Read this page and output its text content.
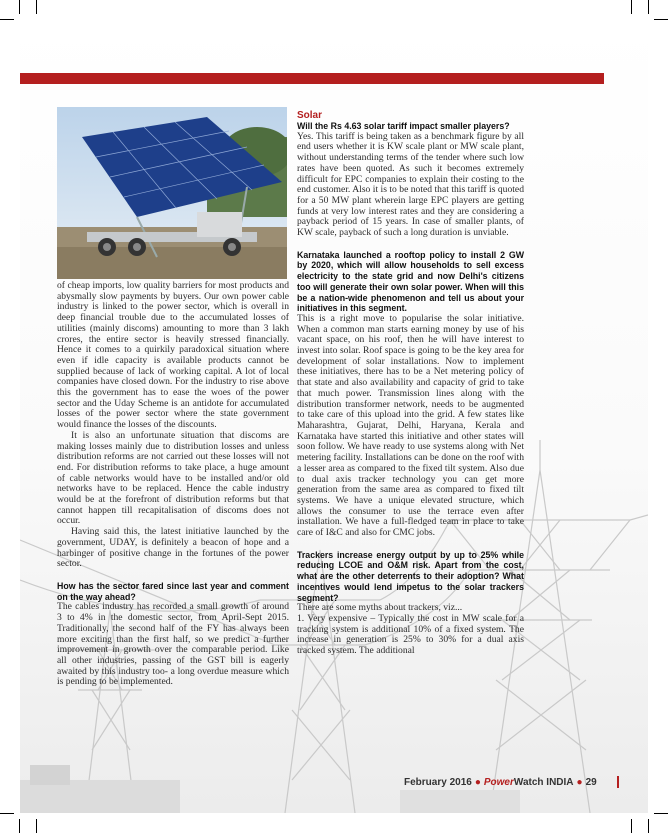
of cheap imports, low quality barriers for most products and abysmally slow payments by buyers. Our own power cable industry is linked to the power sector, which is overall in deep financial trouble due to the accumulated losses of utilities (mainly discoms) amounting to more than 3 lakh crores, the entire sector is heavily stressed financially. Hence it comes to a quirkily paradoxical situation where even if idle capacity is available products cannot be supplied because of lack of working capital. A lot of local companies have closed down. For the industry to rise above this the government has to ease the woes of the power sector and the Uday Scheme is an antidote for accumulated losses of the power sector where the state government would finance the losses of the discounts.

It is also an unfortunate situation that discoms are making losses mainly due to distribution losses and unless distribution reforms are not carried out these losses will not end. For distribution reforms to take place, a huge amount of cable networks would have to be installed and/or old networks have to be replaced. Hence the cable industry would be at the forefront of distribution reforms but that cannot happen till recapitalisation of discoms does not occur.

Having said this, the latest initiative launched by the government, UDAY, is definitely a beacon of hope and a harbinger of positive change in the fortunes of the power sector.

How has the sector fared since last year and comment on the way ahead?

The cables industry has recorded a small growth of around 3 to 4% in the domestic sector, from April-Sept 2015. Traditionally, the second half of the FY has always been more exciting than the first half, so we predict a further improvement in growth over the comparable period. Like all other industries, passing of the GST bill is eagerly awaited by this industry too- a long overdue measure which is pending to be implemented.

Solar

Will the Rs 4.63 solar tariff impact smaller players?

Yes. This tariff is being taken as a benchmark figure by all end users whether it is KW scale plant or MW scale plant, without understanding terms of the tender where such low rates have been quoted. As such it becomes extremely difficult for EPC companies to explain their costing to the end customer. Also it is to be noted that this tariff is quoted for a 50 MW plant wherein large EPC players are getting funds at very low interest rates and they are considering a payback period of 15 years. In case of smaller plants, of KW scale, payback of such a long duration is unviable.

Karnataka launched a rooftop policy to install 2 GW by 2020, which will allow households to sell excess electricity to the state grid and now Delhi's citizens too will generate their own solar power. When will this be a nation-wide phenomenon and tell us about your initiatives in this segment.

This is a right move to popularise the solar initiative. When a common man starts earning money by use of his vacant space, on his roof, then he will have interest to invest into solar. Roof space is going to be the key area for development of solar installations. Now to implement these initiatives, there has to be a Net metering policy of that state and also availability and capacity of grid to take that much power. Transmission lines along with the distribution transformer network, needs to be augmented to take care of this upload into the grid. A few states like Maharashtra, Gujarat, Delhi, Haryana, Kerala and Karnataka have started this initiative and other states will soon follow. We have ready to use systems along with Net metering facility. Installations can be done on the roof with a lesser area as compared to the fixed tilt system. Also due to dual axis tracker technology you can get more generation from the same area as compared to fixed tilt systems. We have a unique elevated structure, which allows the consumer to use the terrace even after installation. We have a full-fledged team in place to take care of I&C and also for CMC jobs.

Trackers increase energy output by up to 25% while reducing LCOE and O&M risk. Apart from the cost, what are the other deterrents to their adoption? What incentives would lend impetus to the solar trackers segment?

There are some myths about trackers, viz...

1. Very expensive – Typically the cost in MW scale for a tracking system is additional 10% of a fixed system. The increase in generation is 25% to 30% for a dual axis tracked system. The additional

February 2016 ● PowerWatch INDIA ● 29
